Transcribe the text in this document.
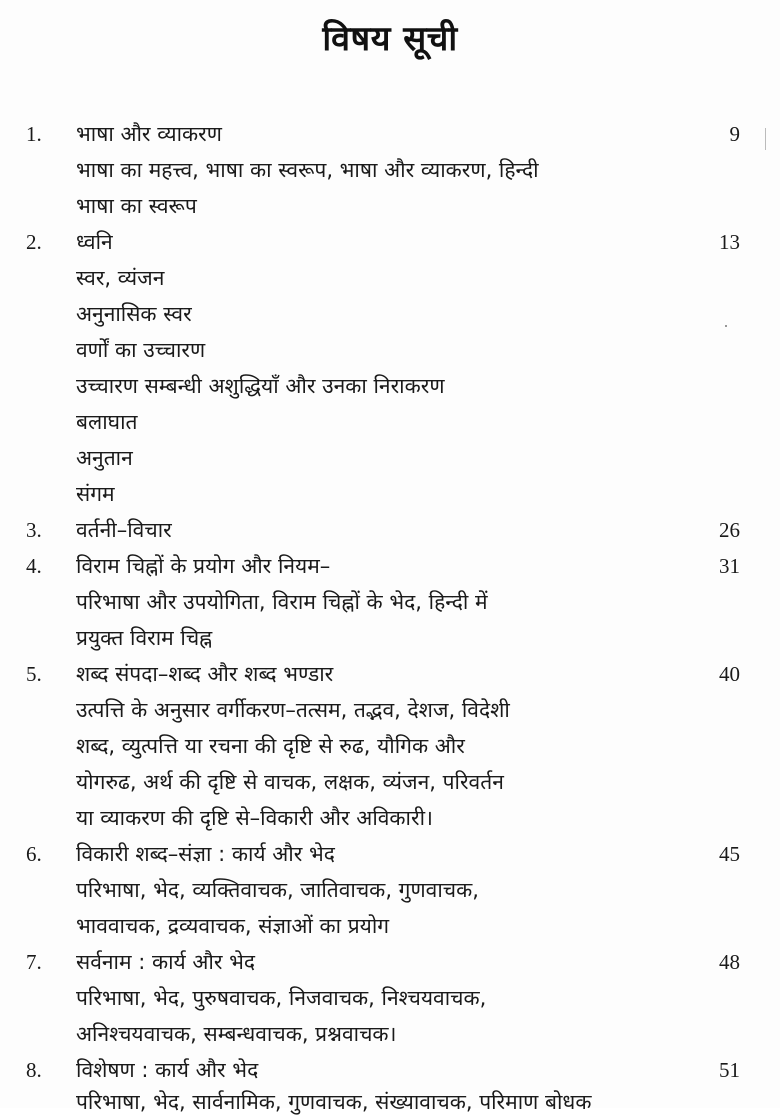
विषय सूची
1. भाषा और व्याकरण	9
भाषा का महत्त्व, भाषा का स्वरूप, भाषा और व्याकरण, हिन्दी
भाषा का स्वरूप
2. ध्वनि	13
स्वर, व्यंजन
अनुनासिक स्वर
वर्णों का उच्चारण
उच्चारण सम्बन्धी अशुद्धियाँ और उनका निराकरण
बलाघात
अनुतान
संगम
3. वर्तनी–विचार	26
4. विराम चिह्नों के प्रयोग और नियम–	31
परिभाषा और उपयोगिता, विराम चिह्नों के भेद, हिन्दी में
प्रयुक्त विराम चिह्न
5. शब्द संपदा–शब्द और शब्द भण्डार	40
उत्पत्ति के अनुसार वर्गीकरण–तत्सम, तद्भव, देशज, विदेशी
शब्द, व्युत्पत्ति या रचना की दृष्टि से रुढ, यौगिक और
योगरुढ, अर्थ की दृष्टि से वाचक, लक्षक, व्यंजन, परिवर्तन
या व्याकरण की दृष्टि से–विकारी और अविकारी।
6. विकारी शब्द–संज्ञा : कार्य और भेद	45
परिभाषा, भेद, व्यक्तिवाचक, जातिवाचक, गुणवाचक,
भाववाचक, द्रव्यवाचक, संज्ञाओं का प्रयोग
7. सर्वनाम : कार्य और भेद	48
परिभाषा, भेद, पुरुषवाचक, निजवाचक, निश्चयवाचक,
अनिश्चयवाचक, सम्बन्धवाचक, प्रश्नवाचक।
8. विशेषण : कार्य और भेद	51
परिभाषा, भेद, सार्वनामिक, गुणवाचक, संख्यावाचक, परिमाण बोधक
